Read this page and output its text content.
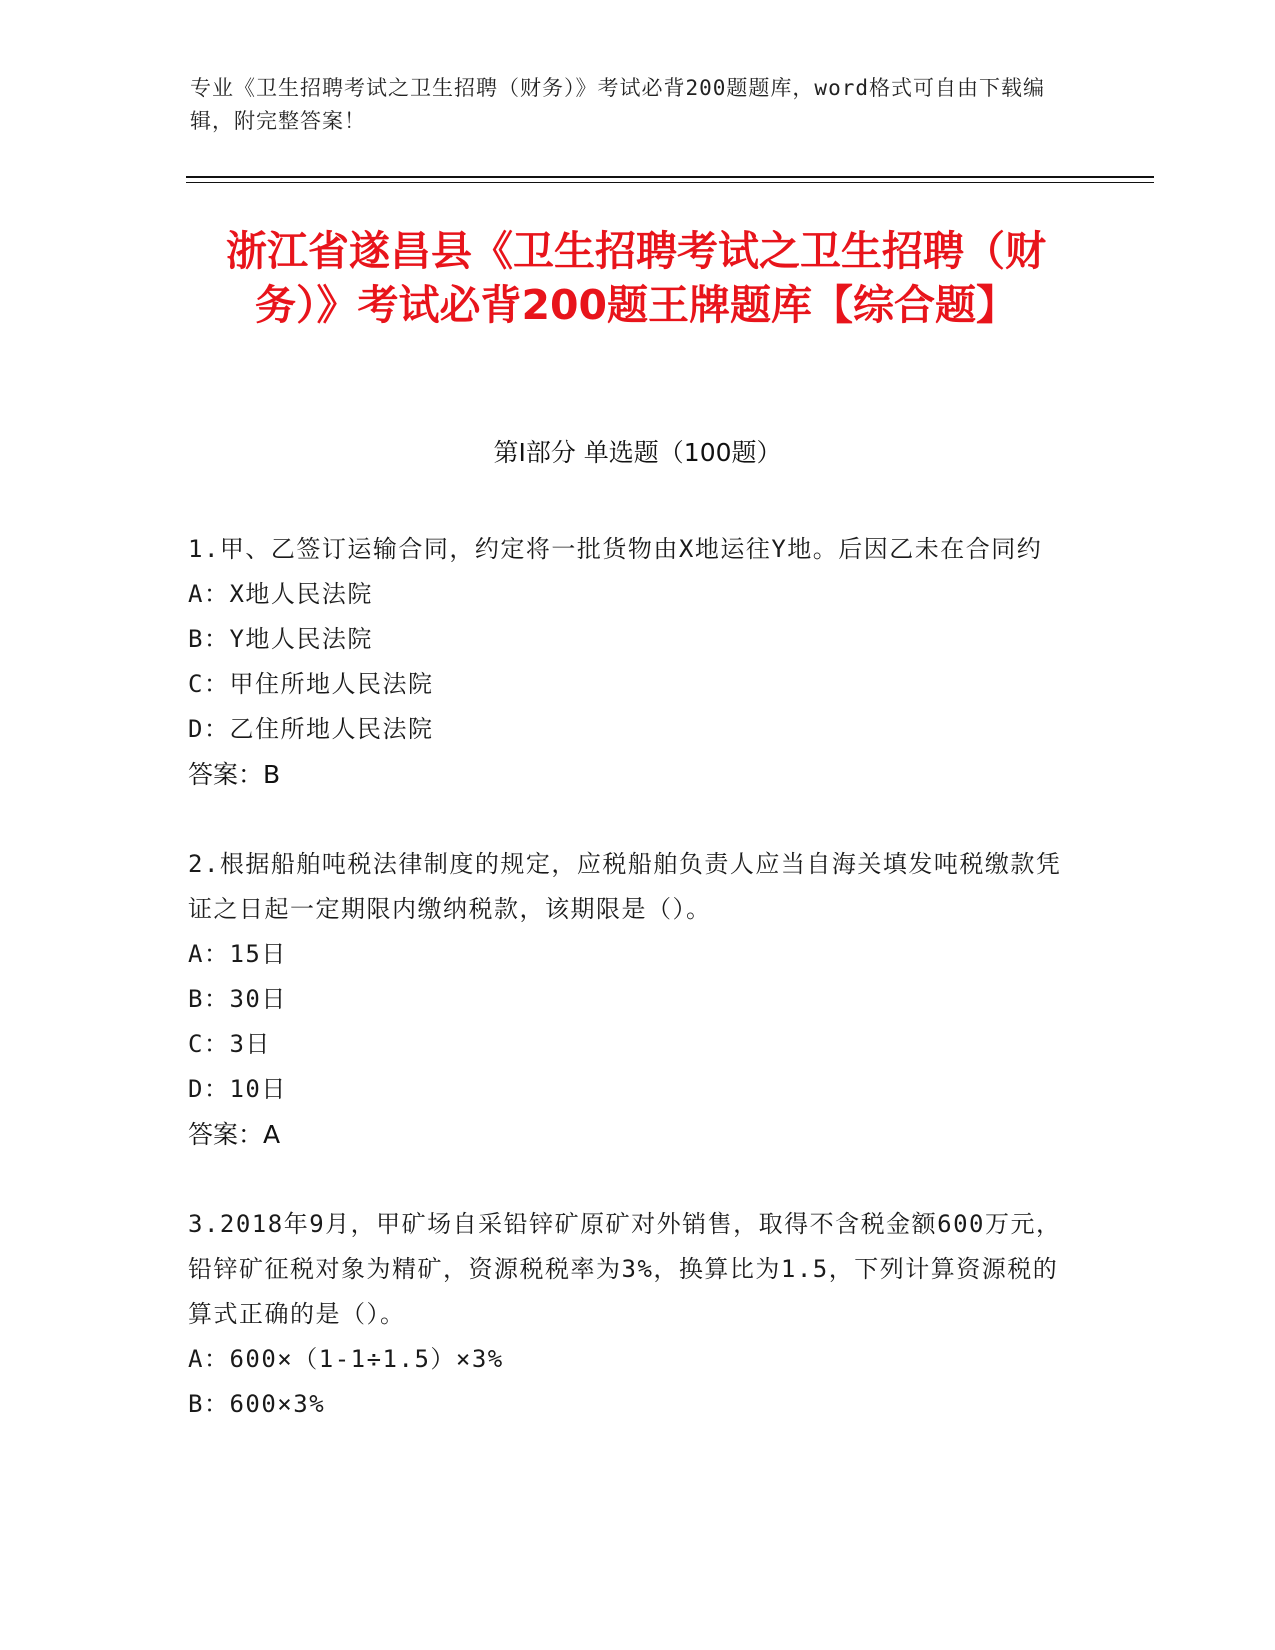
专业《卫生招聘考试之卫生招聘（财务）》考试必背200题题库，word格式可自由下载编辑，附完整答案！
浙江省遂昌县《卫生招聘考试之卫生招聘（财务）》考试必背200题王牌题库【综合题】
第I部分 单选题（100题）
1.甲、乙签订运输合同，约定将一批货物由X地运往Y地。后因乙未在合同约
A：X地人民法院
B：Y地人民法院
C：甲住所地人民法院
D：乙住所地人民法院
答案：B
2.根据船舶吨税法律制度的规定，应税船舶负责人应当自海关填发吨税缴款凭证之日起一定期限内缴纳税款，该期限是（）。
A：15日
B：30日
C：3日
D：10日
答案：A
3.2018年9月，甲矿场自采铅锌矿原矿对外销售，取得不含税金额600万元，铅锌矿征税对象为精矿，资源税税率为3%，换算比为1.5，下列计算资源税的算式正确的是（）。
A：600×（1-1÷1.5）×3%
B：600×3%
